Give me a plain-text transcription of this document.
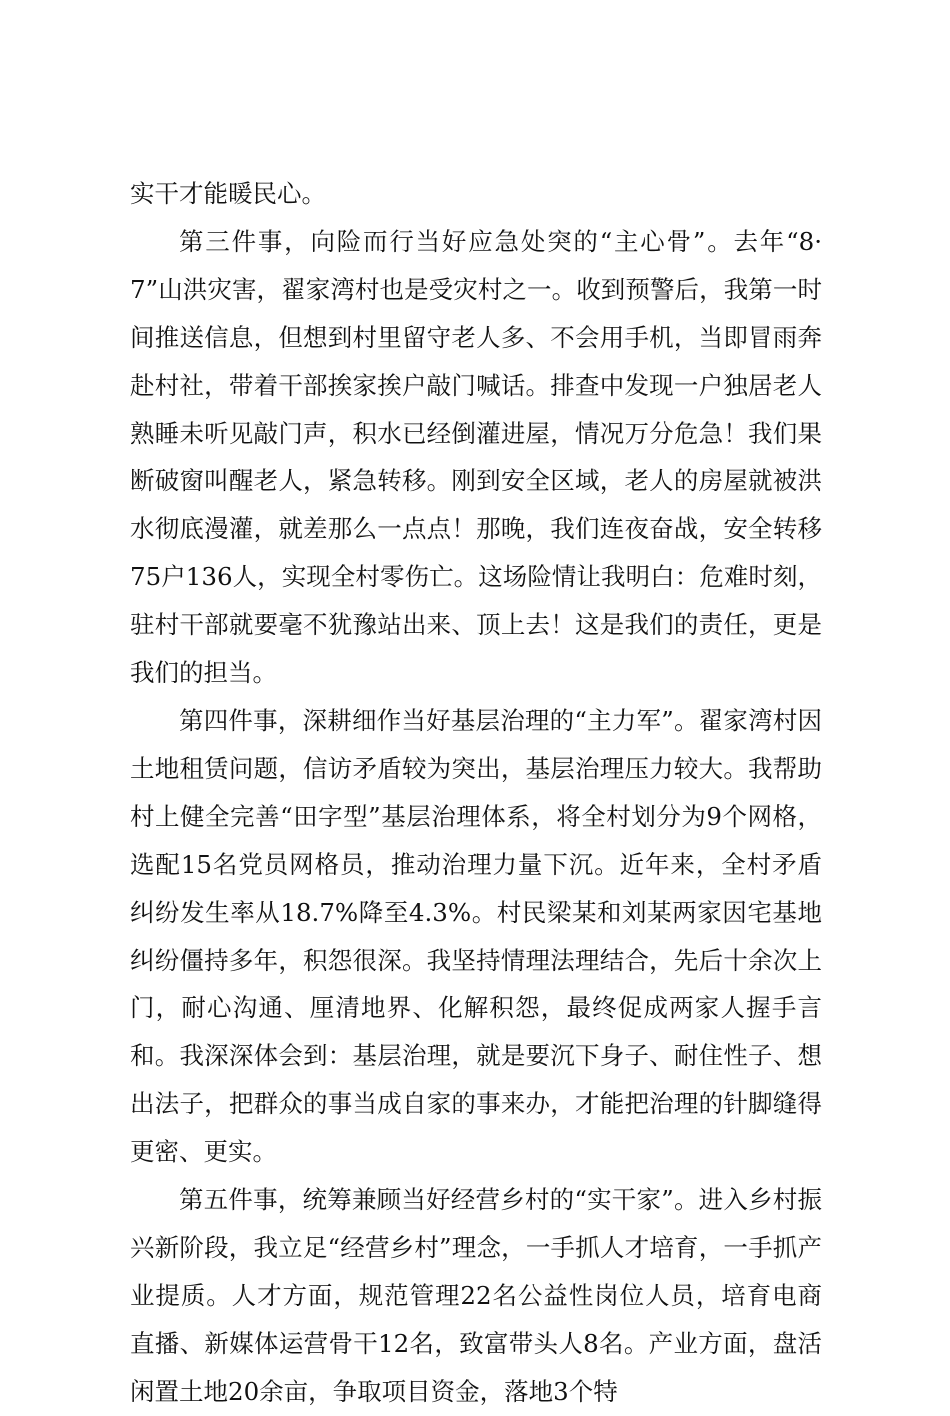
实干才能暖民心。

第三件事，向险而行当好应急处突的“主心骨”。去年“8·7”山洪灾害，翟家湾村也是受灾村之一。收到预警后，我第一时间推送信息，但想到村里留守老人多、不会用手机，当即冒雨奔赴村社，带着干部挨家挨户敲门喊话。排查中发现一户独居老人熟睡未听见敲门声，积水已经倒灌进屋，情况万分危急！我们果断破窗叫醒老人，紧急转移。刚到安全区域，老人的房屋就被洪水彻底漫灌，就差那么一点点！那晚，我们连夜奋战，安全转移75户136人，实现全村零伤亡。这场险情让我明白：危难时刻，驻村干部就要毫不犹豫站出来、顶上去！这是我们的责任，更是我们的担当。

第四件事，深耕细作当好基层治理的“主力军”。翟家湾村因土地租赁问题，信访矛盾较为突出，基层治理压力较大。我帮助村上健全完善“田字型”基层治理体系，将全村划分为9个网格，选配15名党员网格员，推动治理力量下沉。近年来，全村矛盾纠纷发生率从18.7%降至4.3%。村民梁某和刘某两家因宅基地纠纷僵持多年，积怨很深。我坚持情理法理结合，先后十余次上门，耐心沟通、厘清地界、化解积怨，最终促成两家人握手言和。我深深体会到：基层治理，就是要沉下身子、耐住性子、想出法子，把群众的事当成自家的事来办，才能把治理的针脚缝得更密、更实。

第五件事，统筹兼顾当好经营乡村的“实干家”。进入乡村振兴新阶段，我立足“经营乡村”理念，一手抓人才培育，一手抓产业提质。人才方面，规范管理22名公益性岗位人员，培育电商直播、新媒体运营骨干12名，致富带头人8名。产业方面，盘活闲置土地20余亩，争取项目资金，落地3个特
